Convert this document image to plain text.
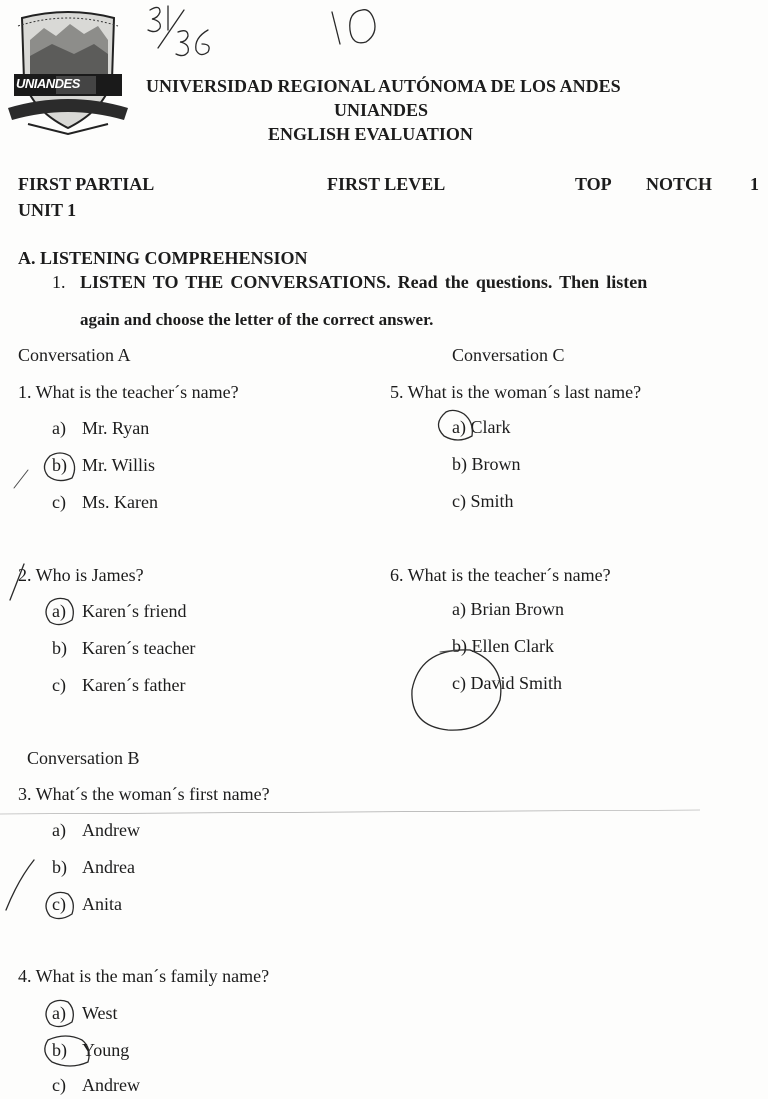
UNIANDES	UNIVERSIDAD REGIONAL AUTÓNOMA DE LOS ANDES
UNIANDES
ENGLISH EVALUATION
FIRST PARTIAL	FIRST LEVEL	TOP NOTCH 1
UNIT 1
A. LISTENING COMPREHENSION
1. LISTEN TO THE CONVERSATIONS. Read the questions. Then listen
again and choose the letter of the correct answer.
Conversation A
1. What is the teacher´s name?
a) Mr. Ryan
b) Mr. Willis
c) Ms. Karen
2. Who is James?
a) Karen´s friend
b) Karen´s teacher
c) Karen´s father
Conversation B
3. What´s the woman´s first name?
a) Andrew
b) Andrea
c) Anita
4. What is the man´s family name?
a) West
b) Young
c) Andrew
Conversation C
5. What is the woman´s last name?
a) Clark
b) Brown
c) Smith
6. What is the teacher´s name?
a) Brian Brown
b) Ellen Clark
c) David Smith
